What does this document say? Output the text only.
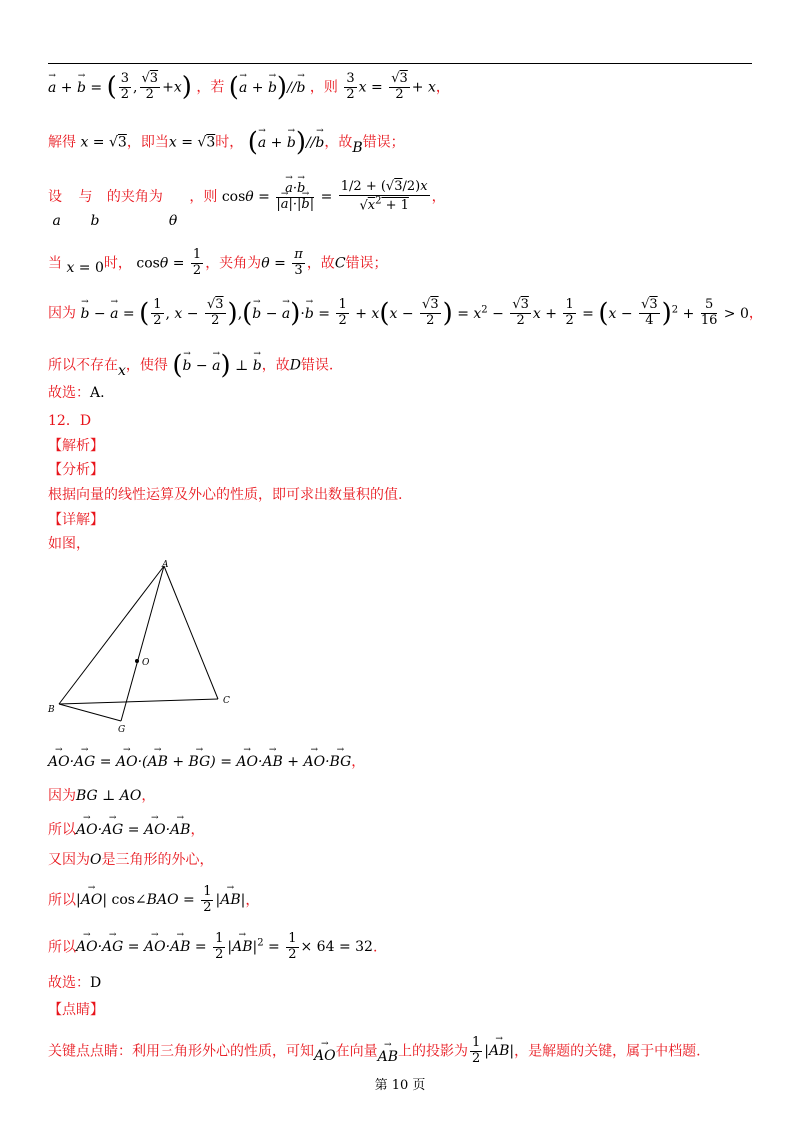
→ a + → b = ( $\frac{3}{2}$ , $\frac{√3}{2} +x$) ，若 (→ a + → b)//→ b ，则 $\frac{3}{2}$ $x = \frac{√3}{2} + x$，
解得 x = √3，即当x = √3时， (→ a + → b)//→ b，故B错误；
设 与
a b
的夹角为
θ
，则 cosθ = → $\frac{a\cdot\to b}{|\to a|\cdot|\to b|} = \frac{1/2 + (√3/2)x}{√x^2 + 1}$ ，
当 x = 0时， $\cos\theta = \frac{1}{2}$ ，夹角为$\theta = \frac{\pi}{3}$ ，故C错误；
因为 → b − → a = ( $\frac{1}{2}$ , $x - \frac{√3}{2}$ ),(→ b − → $a)\cdot\to b = \frac{1}{2} + x(x - \frac{√3}{2}$ ) = $x^2 - \frac{√3}{2}$ $x + \frac{1}{2} = (x - \frac{√3}{4} )^2 + \frac{5}{16} > 0$，
所以不存在x，使得 (→ b − → a) ⊥ → b，故D错误.
故选：A.
12．D
【解析】
【分析】
根据向量的线性运算及外心的性质，即可求出数量积的值.
【详解】
如图，
A
B
C
G
O
→ AO·→ AG = → AO·(→ AB + → BG) = → AO·→ AB + → AO·→ BG，
因为BG ⊥ AO，
所以→ AO·→ AG = → AO·→ AB，
又因为O是三角形的外心，
所以|→ AO| cos∠BAO = $\frac{1}{2}$ |→ AB|，
所以→ AO·→ AG = → AO·→ AB = $\frac{1}{2}$ |→ $AB|^2 = \frac{1}{2} \times 64 = 32$.
故选：D
【点睛】
关键点点睛：利用三角形外心的性质，可知→ AO在向量→ AB上的投影为 $\frac{1}{2}$ |→ AB|，是解题的关键，属于中档题.
第 10 页
